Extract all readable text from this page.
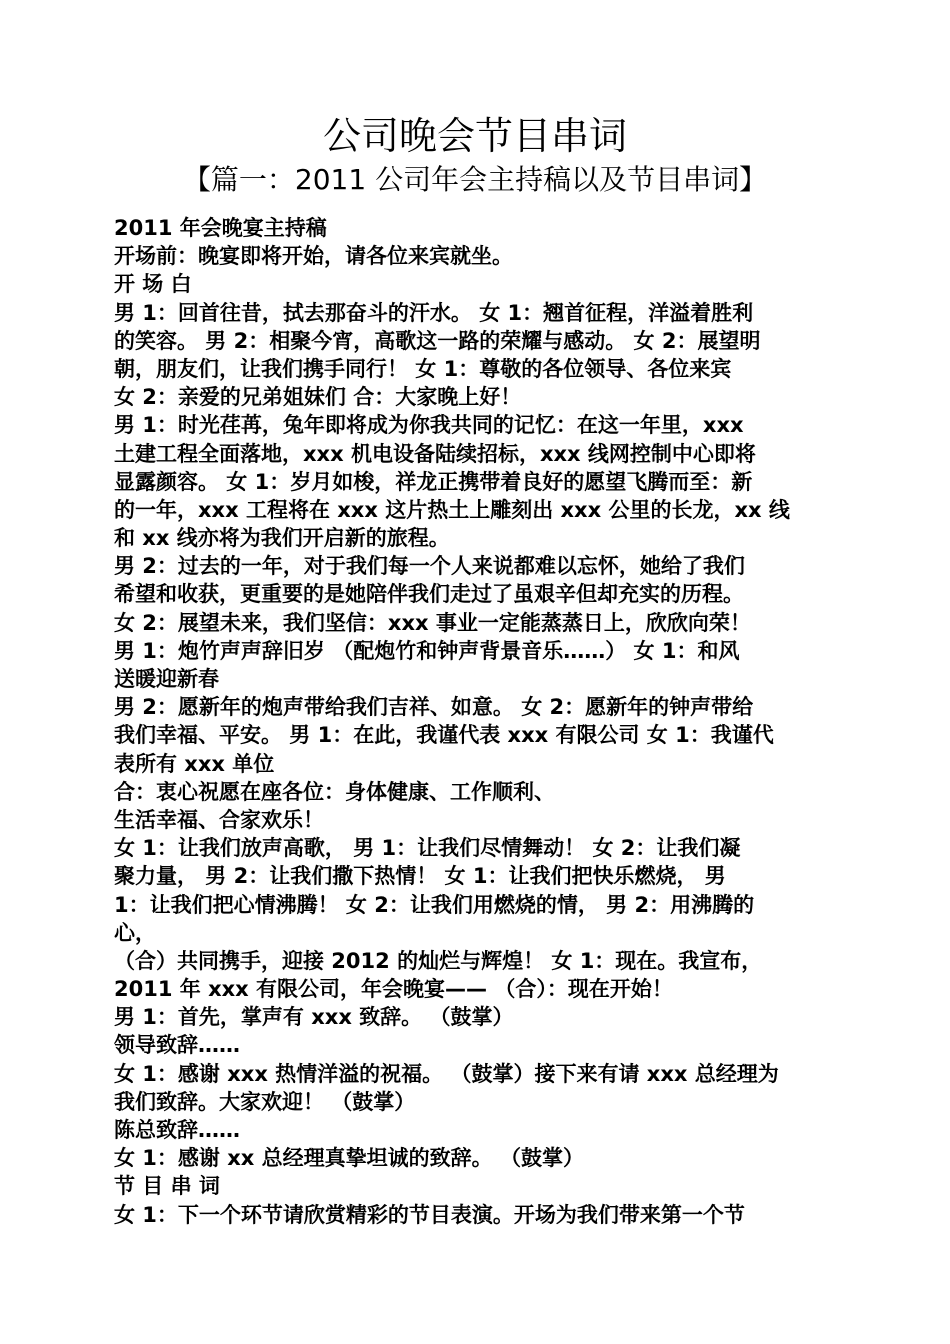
公司晚会节目串词
【篇一：2011 公司年会主持稿以及节目串词】
2011 年会晚宴主持稿
开场前：晚宴即将开始，请各位来宾就坐。
开 场 白
男 1：回首往昔，拭去那奋斗的汗水。 女 1：翘首征程，洋溢着胜利
的笑容。 男 2：相聚今宵，高歌这一路的荣耀与感动。 女 2：展望明
朝，朋友们，让我们携手同行！ 女 1：尊敬的各位领导、各位来宾
女 2：亲爱的兄弟姐妹们 合：大家晚上好！
男 1：时光荏苒，兔年即将成为你我共同的记忆：在这一年里，xxx
土建工程全面落地，xxx 机电设备陆续招标，xxx 线网控制中心即将
显露颜容。 女 1：岁月如梭，祥龙正携带着良好的愿望飞腾而至：新
的一年，xxx 工程将在 xxx 这片热土上雕刻出 xxx 公里的长龙，xx 线
和 xx 线亦将为我们开启新的旅程。
男 2：过去的一年，对于我们每一个人来说都难以忘怀，她给了我们
希望和收获，更重要的是她陪伴我们走过了虽艰辛但却充实的历程。
女 2：展望未来，我们坚信：xxx 事业一定能蒸蒸日上，欣欣向荣！
男 1：炮竹声声辞旧岁 （配炮竹和钟声背景音乐……） 女 1：和风
送暖迎新春
男 2：愿新年的炮声带给我们吉祥、如意。 女 2：愿新年的钟声带给
我们幸福、平安。 男 1：在此，我谨代表 xxx 有限公司 女 1：我谨代
表所有 xxx 单位
合：衷心祝愿在座各位：身体健康、工作顺利、
生活幸福、合家欢乐！
女 1：让我们放声高歌， 男 1：让我们尽情舞动！ 女 2：让我们凝
聚力量， 男 2：让我们撒下热情！ 女 1：让我们把快乐燃烧， 男
1：让我们把心情沸腾！ 女 2：让我们用燃烧的情， 男 2：用沸腾的
心，
（合）共同携手，迎接 2012 的灿烂与辉煌！ 女 1：现在。我宣布，
2011 年 xxx 有限公司，年会晚宴—— （合）：现在开始！
男 1：首先，掌声有 xxx 致辞。 （鼓掌）
领导致辞……
女 1：感谢 xxx 热情洋溢的祝福。 （鼓掌）接下来有请 xxx 总经理为
我们致辞。大家欢迎！ （鼓掌）
陈总致辞……
女 1：感谢 xx 总经理真挚坦诚的致辞。 （鼓掌）
节 目 串 词
女 1：下一个环节请欣赏精彩的节目表演。开场为我们带来第一个节
